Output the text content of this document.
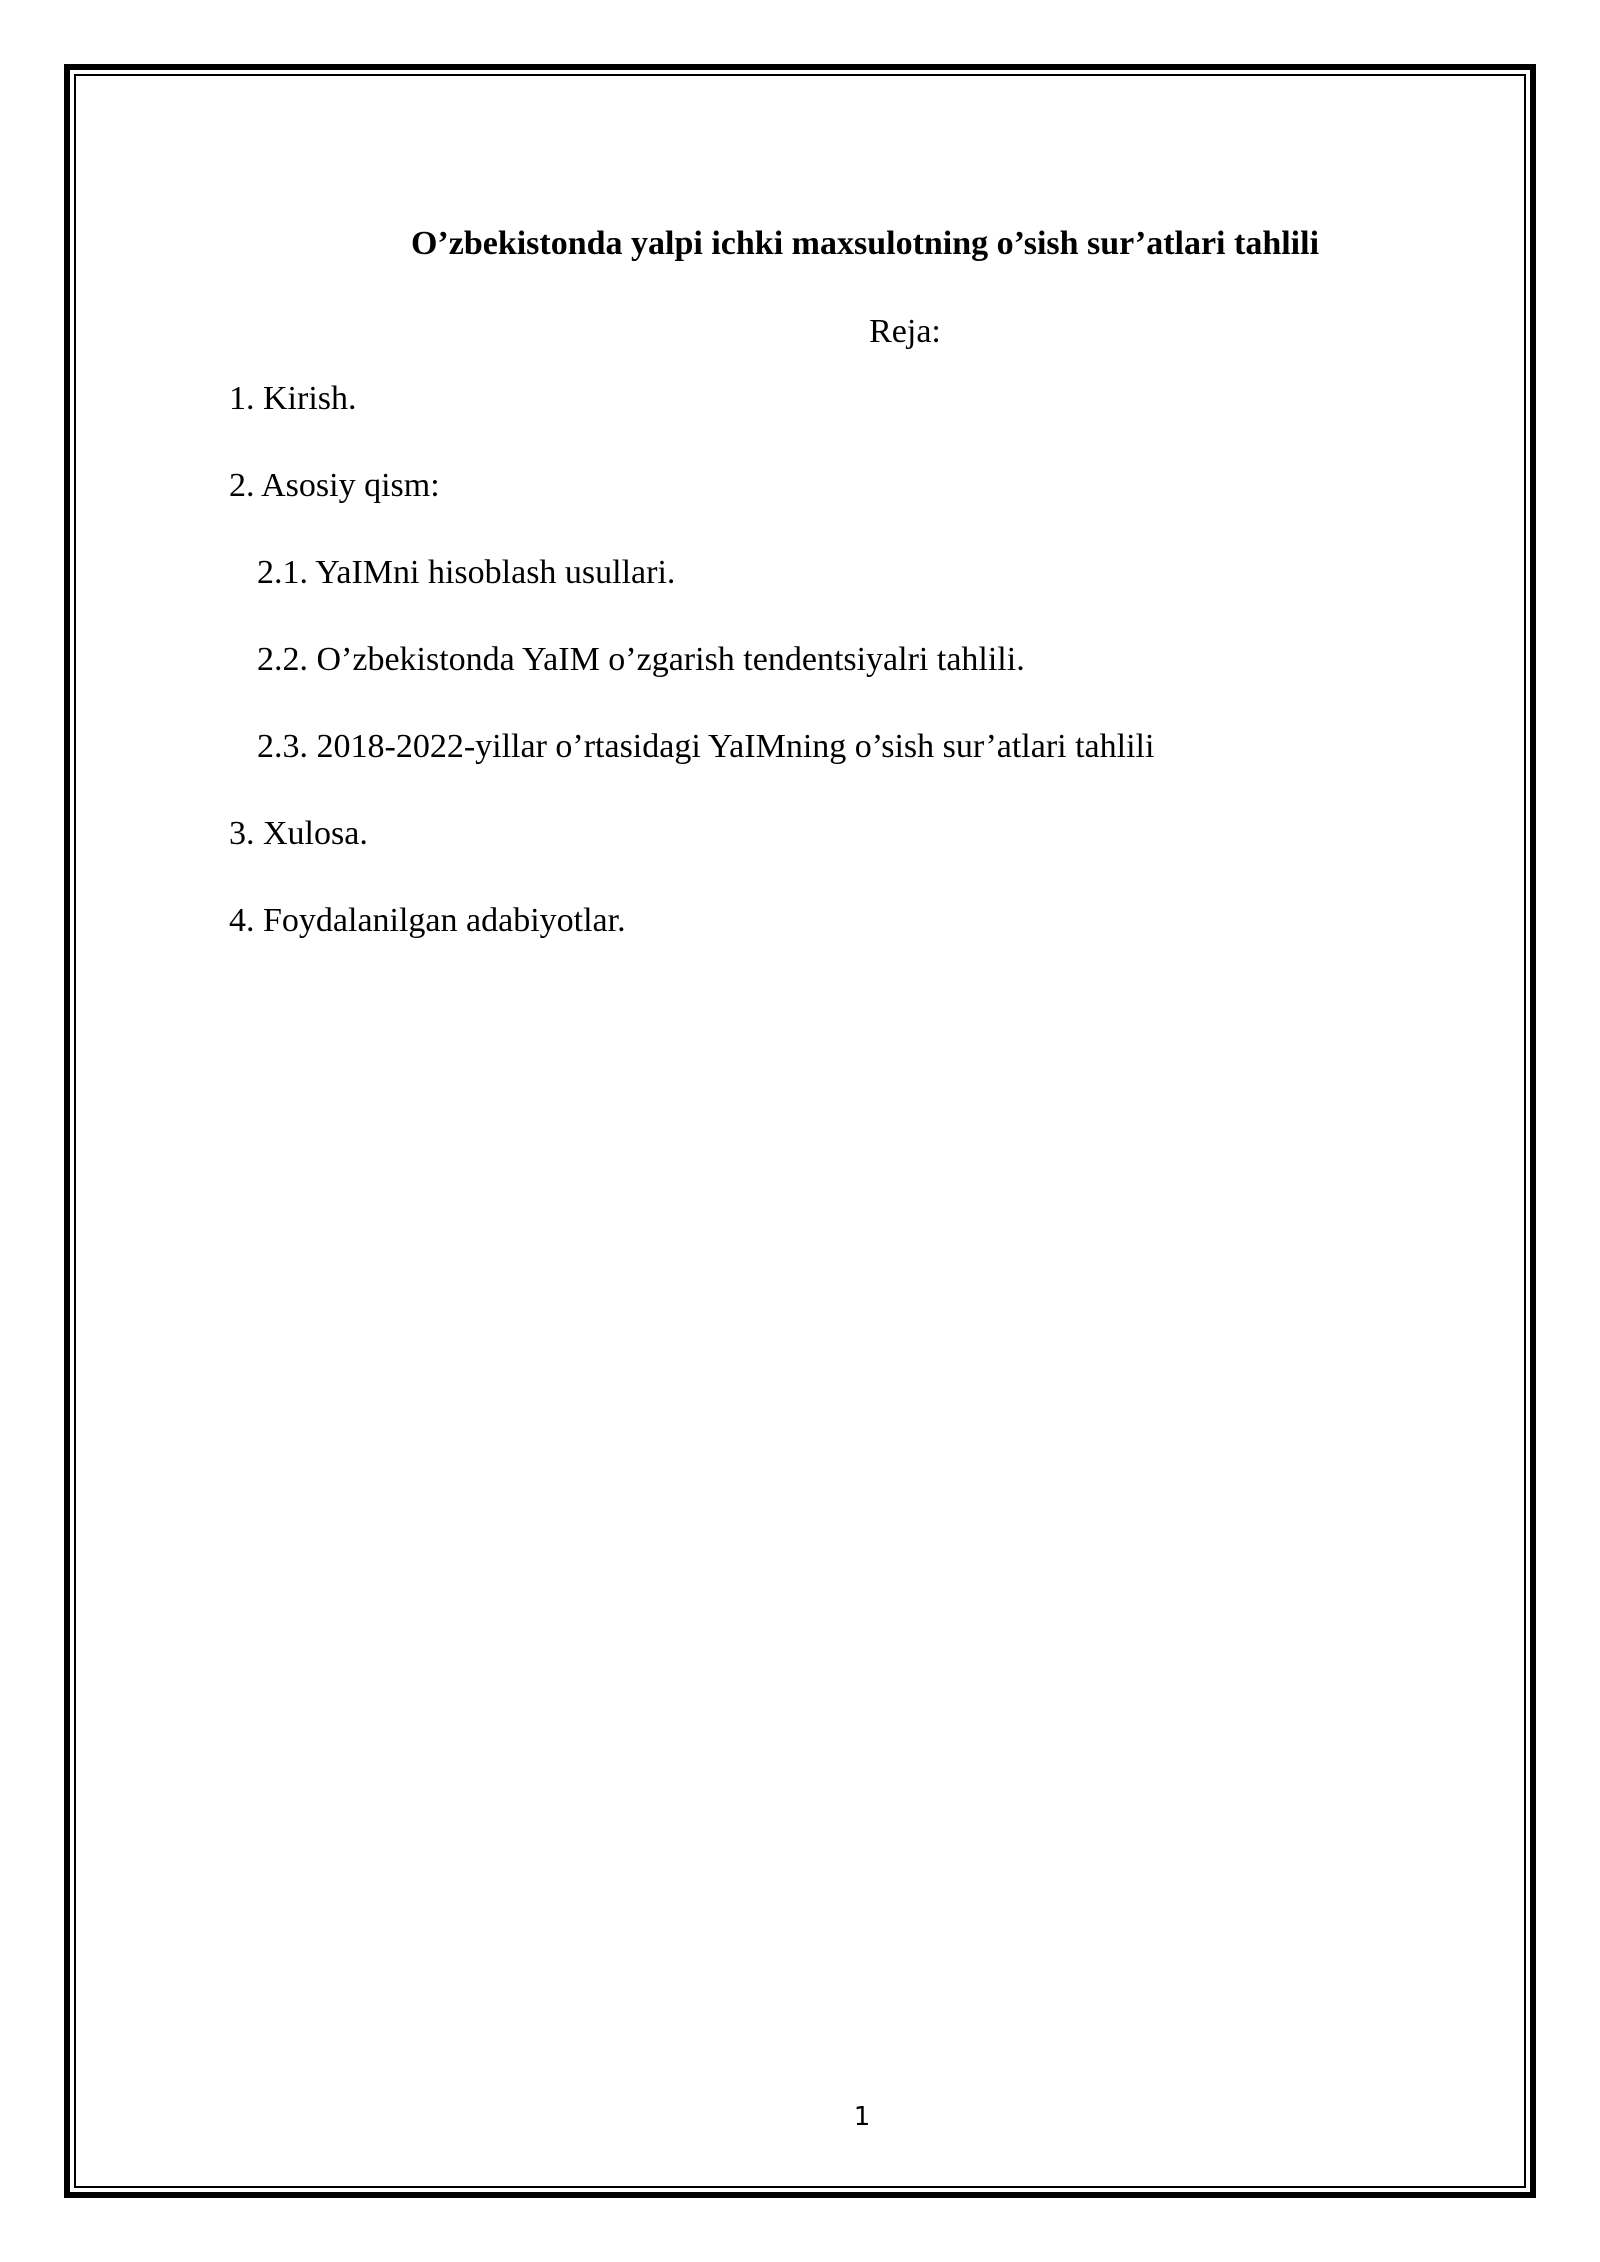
O’zbekistonda yalpi ichki maxsulotning o’sish sur’atlari tahlili
Reja:
1. Kirish.
2. Asosiy qism:
2.1. YaIMni hisoblash usullari.
2.2. O’zbekistonda YaIM o’zgarish tendentsiyalri tahlili.
2.3. 2018-2022-yillar o’rtasidagi YaIMning o’sish sur’atlari tahlili
3. Xulosa.
4. Foydalanilgan adabiyotlar.
1
